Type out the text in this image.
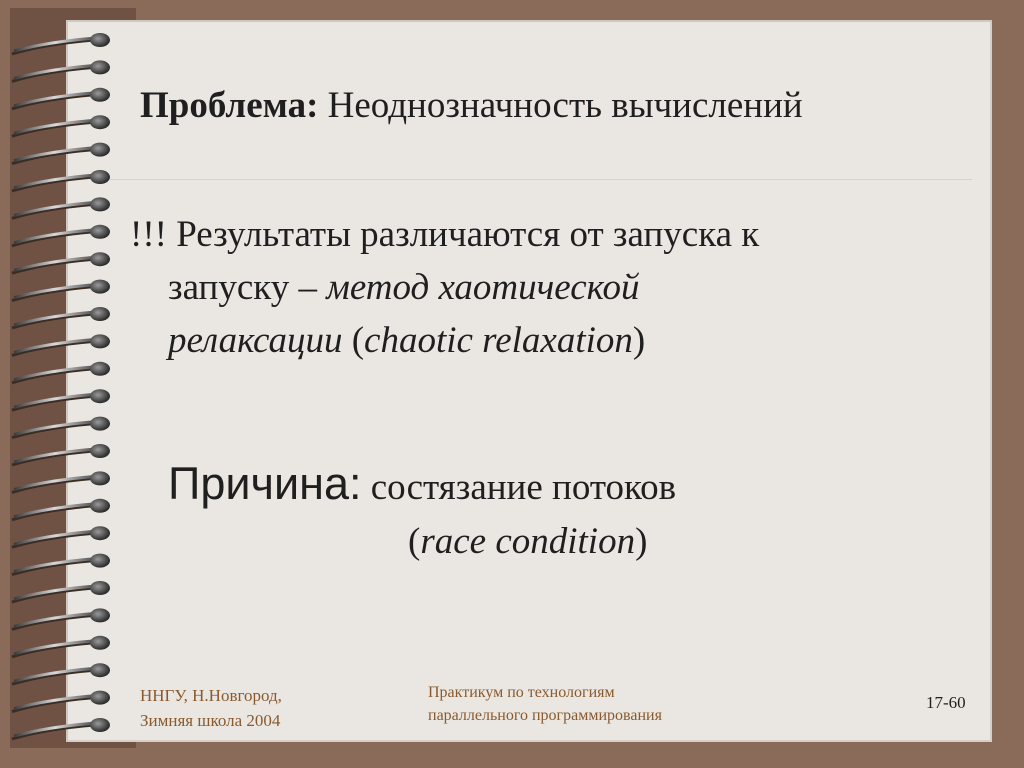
Проблема: Неоднозначность вычислений
!!! Результаты различаются от запуска к
запуску – метод хаотической
релаксации (chaotic relaxation)
Причина: состязание потоков
(race condition)
ННГУ, Н.Новгород,
Зимняя школа 2004
Практикум по технологиям
параллельного программирования
17-60
